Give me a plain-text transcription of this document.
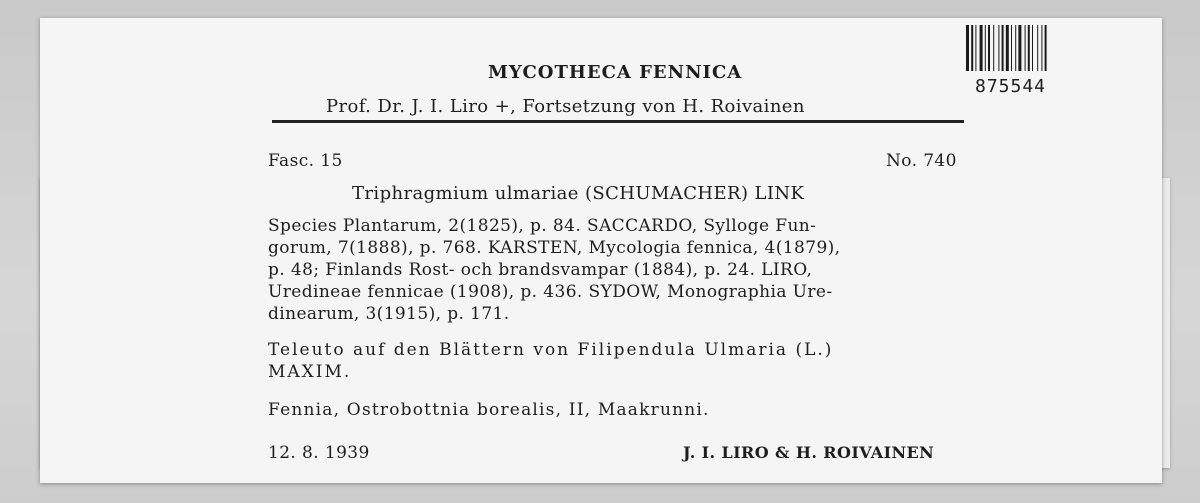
MYCOTHECA FENNICA
Prof. Dr. J. I. Liro +, Fortsetzung von H. Roivainen
Fasc. 15	No. 740
Triphragmium ulmariae (SCHUMACHER) LINK
Species Plantarum, 2(1825), p. 84. SACCARDO, Sylloge Fun-
gorum, 7(1888), p. 768. KARSTEN, Mycologia fennica, 4(1879),
p. 48; Finlands Rost- och brandsvampar (1884), p. 24. LIRO,
Uredineae fennicae (1908), p. 436. SYDOW, Monographia Ure-
dinearum, 3(1915), p. 171.
Teleuto auf den Blättern von Filipendula Ulmaria (L.)
MAXIM.
Fennia, Ostrobottnia borealis, II, Maakrunni.
12. 8. 1939	J. I. LIRO & H. ROIVAINEN
875544
